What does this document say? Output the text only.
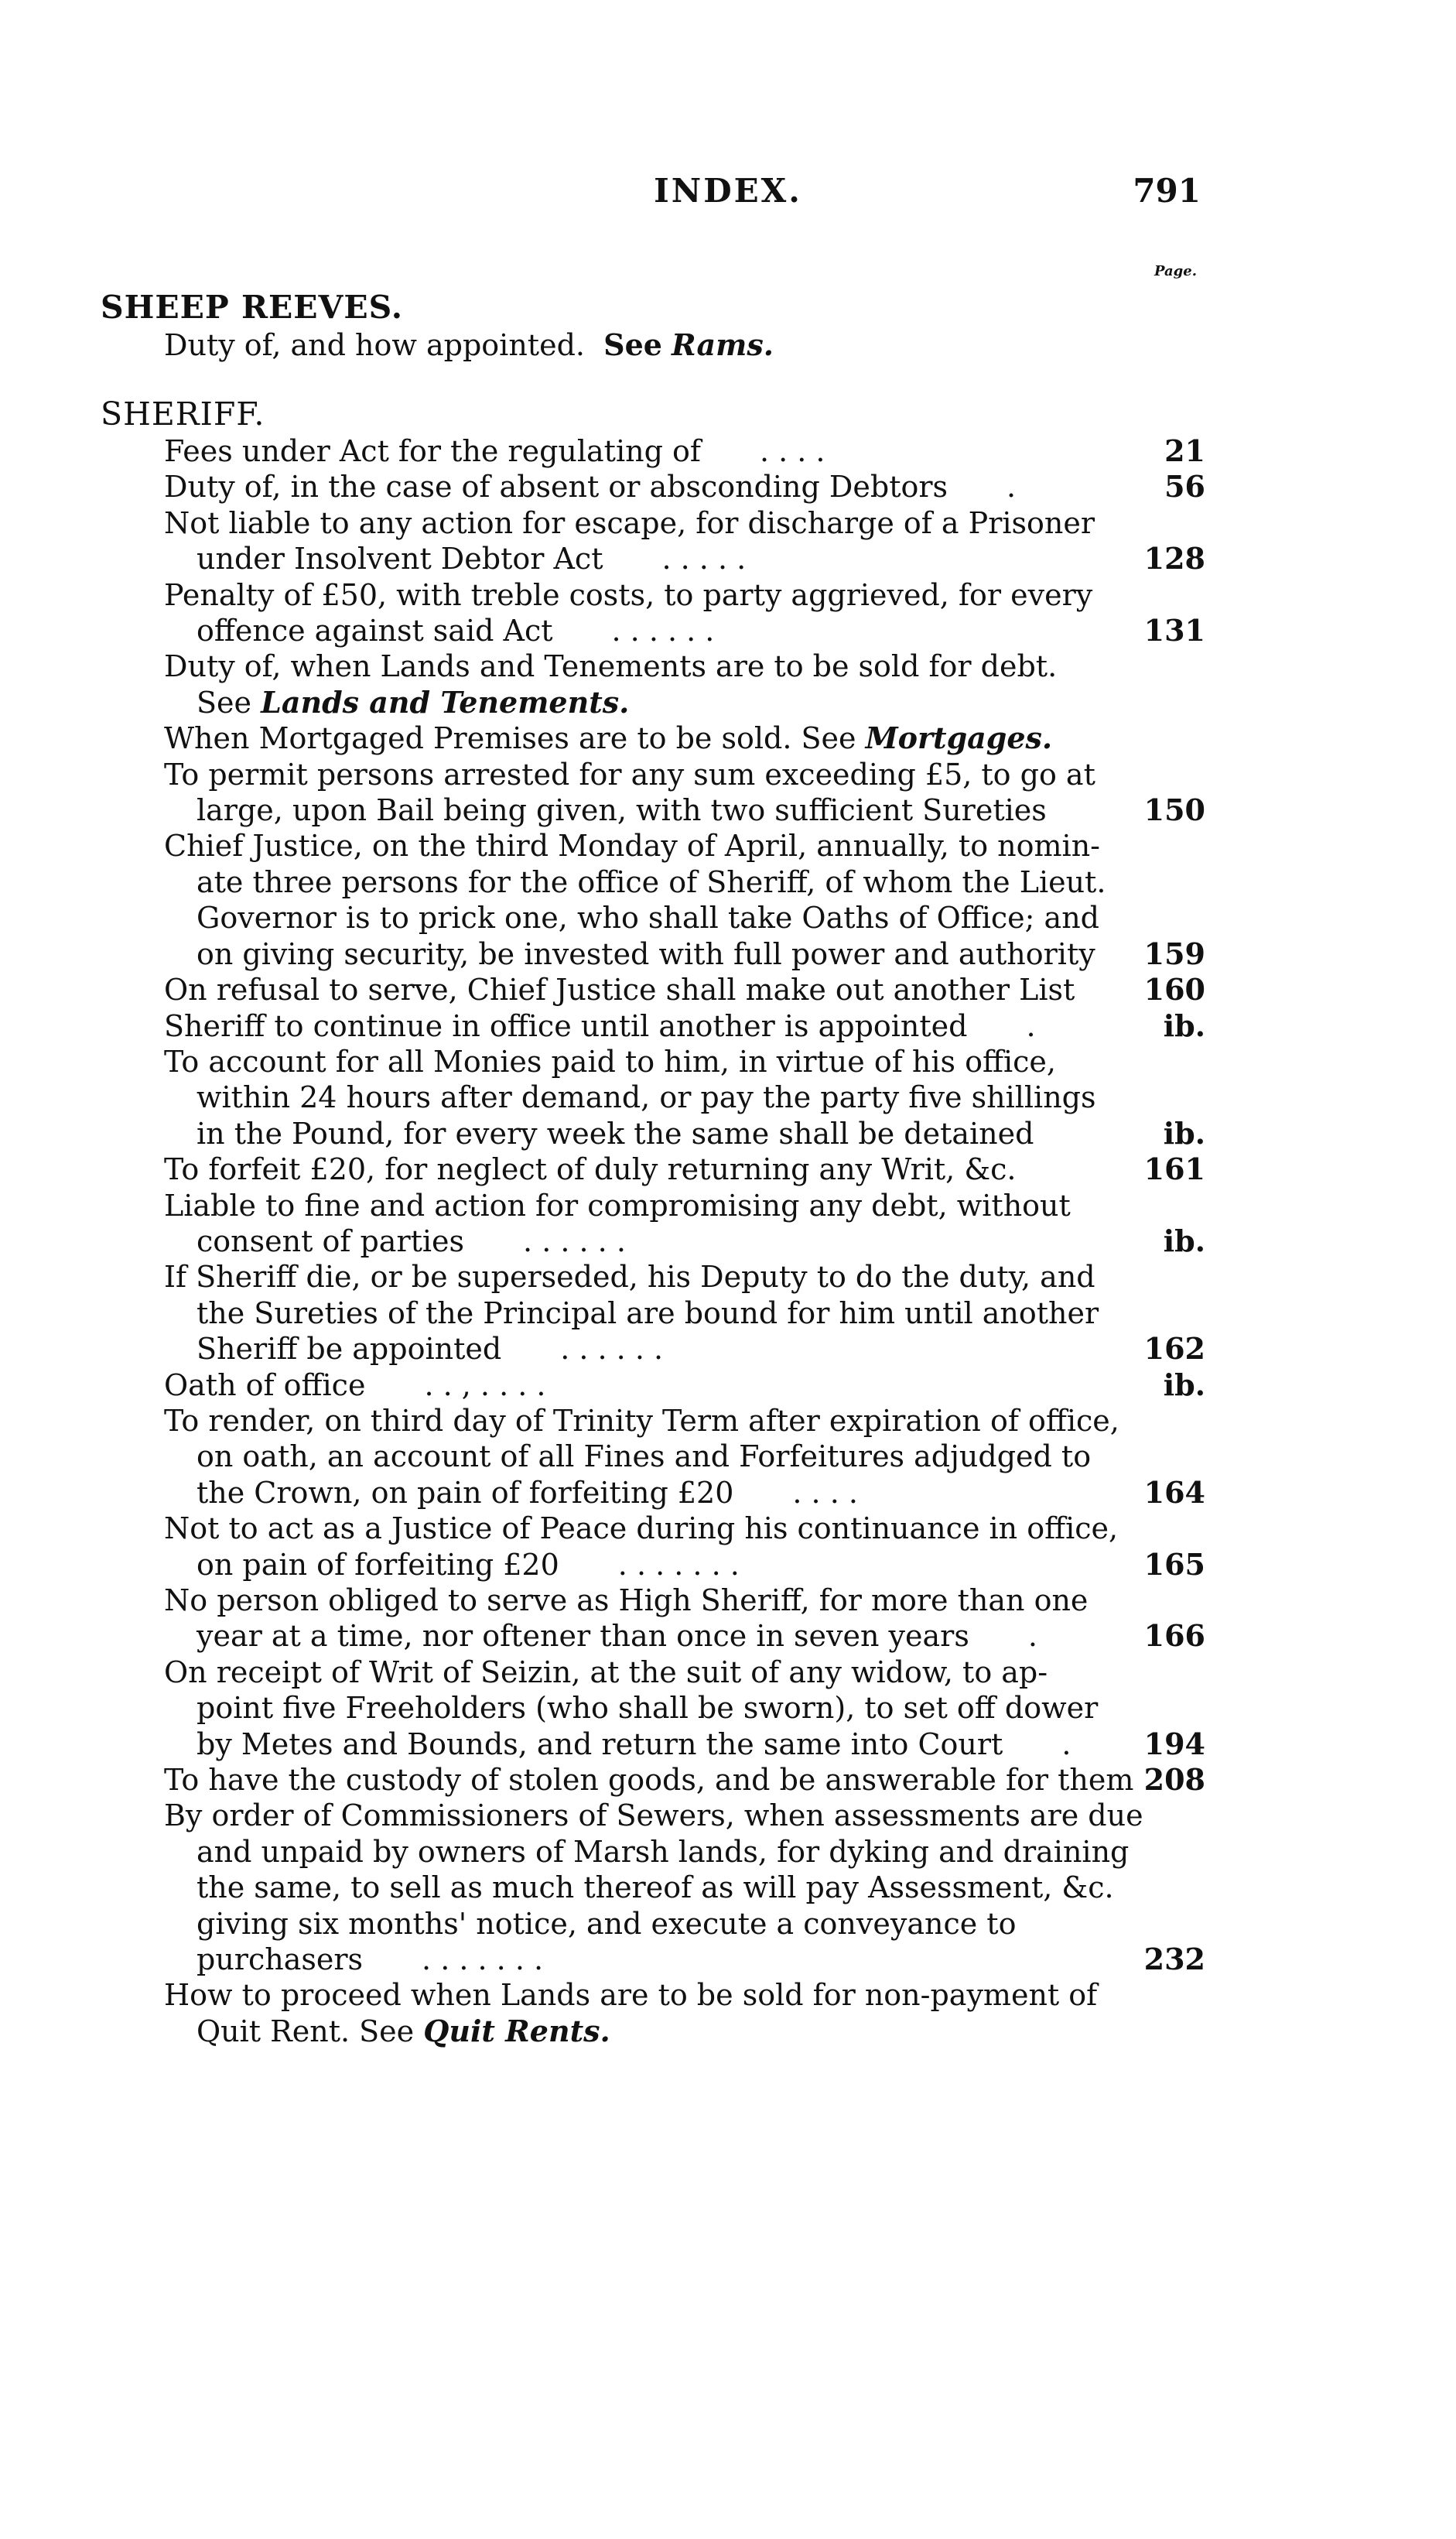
INDEX.	791
Page.
SHEEP REEVES.
Duty of, and how appointed. See Rams.
SHERIFF.
Fees under Act for the regulating of  . . . .	21
Duty of, in the case of absent or absconding Debtors  .	56
Not liable to any action for escape, for discharge of a Prisoner
under Insolvent Debtor Act  . . . . .	128
Penalty of £50, with treble costs, to party aggrieved, for every
offence against said Act  . . . . . .	131
Duty of, when Lands and Tenements are to be sold for debt.
See Lands and Tenements.
When Mortgaged Premises are to be sold. See Mortgages.
To permit persons arrested for any sum exceeding £5, to go at
large, upon Bail being given, with two sufficient Sureties	150
Chief Justice, on the third Monday of April, annually, to nomin-
ate three persons for the office of Sheriff, of whom the Lieut.
Governor is to prick one, who shall take Oaths of Office; and
on giving security, be invested with full power and authority	159
On refusal to serve, Chief Justice shall make out another List	160
Sheriff to continue in office until another is appointed  .	ib.
To account for all Monies paid to him, in virtue of his office,
within 24 hours after demand, or pay the party five shillings
in the Pound, for every week the same shall be detained	ib.
To forfeit £20, for neglect of duly returning any Writ, &c.	161
Liable to fine and action for compromising any debt, without
consent of parties  . . . . . .	ib.
If Sheriff die, or be superseded, his Deputy to do the duty, and
the Sureties of the Principal are bound for him until another
Sheriff be appointed  . . . . . .	162
Oath of office  . . , . . . .	ib.
To render, on third day of Trinity Term after expiration of office,
on oath, an account of all Fines and Forfeitures adjudged to
the Crown, on pain of forfeiting £20  . . . .	164
Not to act as a Justice of Peace during his continuance in office,
on pain of forfeiting £20  . . . . . . .	165
No person obliged to serve as High Sheriff, for more than one
year at a time, nor oftener than once in seven years  .	166
On receipt of Writ of Seizin, at the suit of any widow, to ap-
point five Freeholders (who shall be sworn), to set off dower
by Metes and Bounds, and return the same into Court  .	194
To have the custody of stolen goods, and be answerable for them 208
By order of Commissioners of Sewers, when assessments are due
and unpaid by owners of Marsh lands, for dyking and draining
the same, to sell as much thereof as will pay Assessment, &c.
giving six months' notice, and execute a conveyance to
purchasers  . . . . . . .	232
How to proceed when Lands are to be sold for non-payment of
Quit Rent. See Quit Rents.
